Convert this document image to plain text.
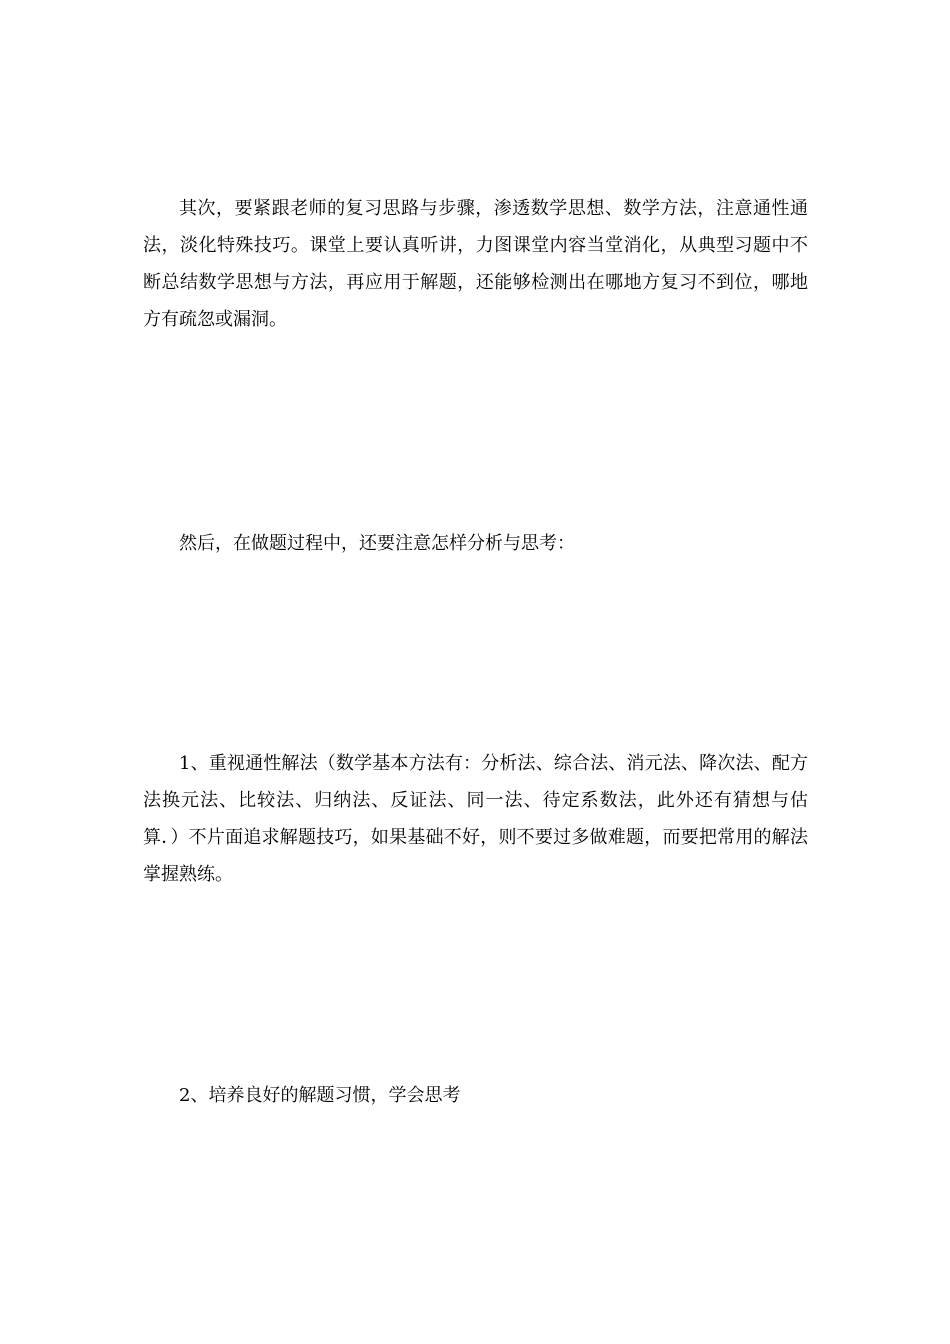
其次，要紧跟老师的复习思路与步骤，渗透数学思想、数学方法，注意通性通法，淡化特殊技巧。课堂上要认真听讲，力图课堂内容当堂消化，从典型习题中不断总结数学思想与方法，再应用于解题，还能够检测出在哪地方复习不到位，哪地方有疏忽或漏洞。

然后，在做题过程中，还要注意怎样分析与思考：

1、重视通性解法（数学基本方法有：分析法、综合法、消元法、降次法、配方法换元法、比较法、归纳法、反证法、同一法、待定系数法，此外还有猜想与估算．）不片面追求解题技巧，如果基础不好，则不要过多做难题，而要把常用的解法掌握熟练。

2、培养良好的解题习惯，学会思考
